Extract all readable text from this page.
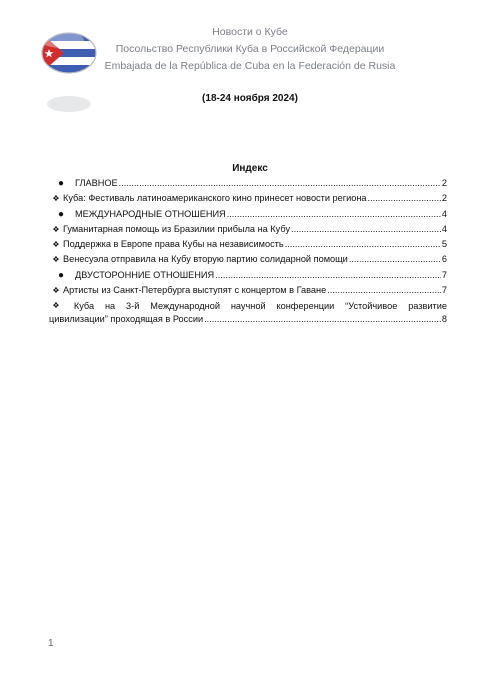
Новости о Кубе
Посольство Республики Куба в Российской Федерации
Embajada de la República de Cuba en la Federación de Rusia
(18-24 ноября 2024)
Индекс
●	ГЛАВНОЕ .....	2
❖ Куба: Фестиваль латиноамериканского кино принесет новости региона .....	2
●	МЕЖДУНАРОДНЫЕ ОТНОШЕНИЯ .....	4
❖ Гуманитарная помощь из Бразилии прибыла на Кубу .....	4
❖ Поддержка в Европе права Кубы на независимость .....	5
❖ Венесуэла отправила на Кубу вторую партию солидарной помощи .....	6
●	ДВУСТОРОННИЕ ОТНОШЕНИЯ .....	7
❖ Артисты из Санкт-Петербурга выступят с концертом в Гаване .....	7
❖	Куба на 3-й Международной научной конференции “Устойчивое развитие
цивилизации” проходящая в России .....	8
1
